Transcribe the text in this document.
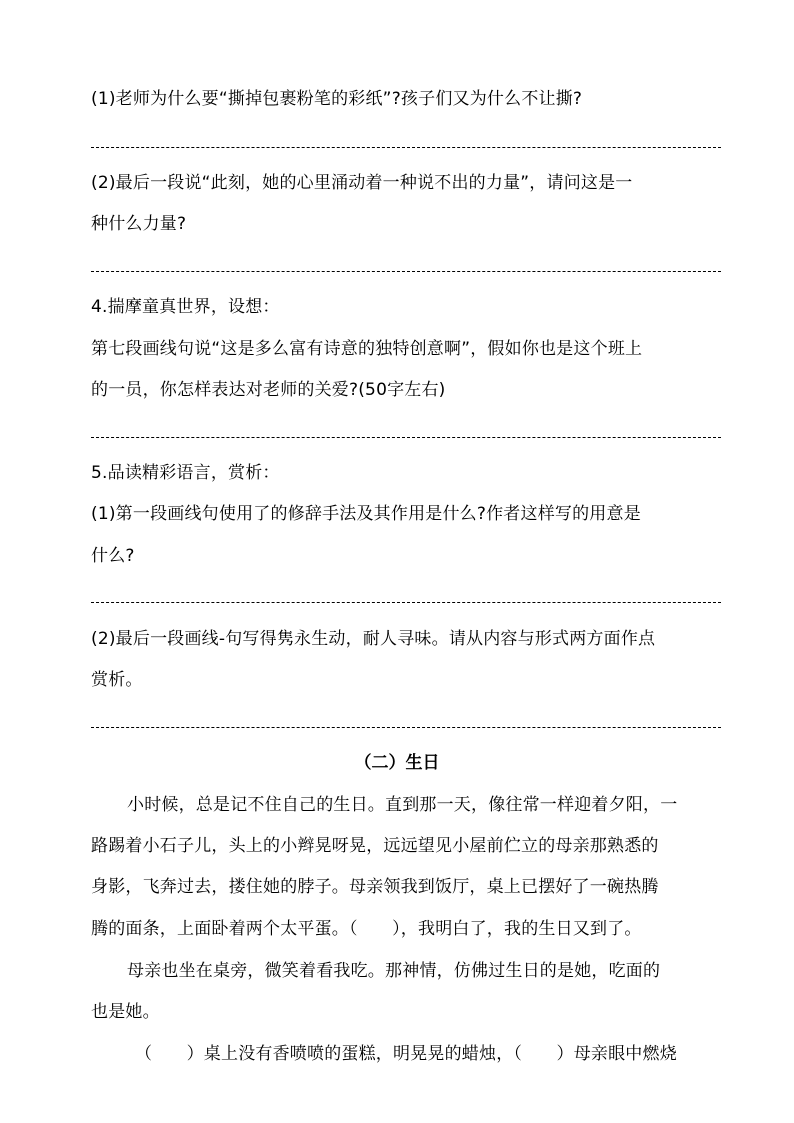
(1)老师为什么要“撕掉包裹粉笔的彩纸”?孩子们又为什么不让撕?
(2)最后一段说“此刻，她的心里涌动着一种说不出的力量”，请问这是一
种什么力量?
4.揣摩童真世界，设想：
第七段画线句说“这是多么富有诗意的独特创意啊”，假如你也是这个班上
的一员，你怎样表达对老师的关爱?(50字左右)
5.品读精彩语言，赏析：
(1)第一段画线句使用了的修辞手法及其作用是什么?作者这样写的用意是
什么?
(2)最后一段画线-句写得隽永生动，耐人寻味。请从内容与形式两方面作点
赏析。
（二）生日
小时候，总是记不住自己的生日。直到那一天，像往常一样迎着夕阳，一
路踢着小石子儿，头上的小辫晃呀晃，远远望见小屋前伫立的母亲那熟悉的
身影，飞奔过去，搂住她的脖子。母亲领我到饭厅，桌上已摆好了一碗热腾
腾的面条，上面卧着两个太平蛋。（　　），我明白了，我的生日又到了。
母亲也坐在桌旁，微笑着看我吃。那神情，仿佛过生日的是她，吃面的
也是她。
（　　）桌上没有香喷喷的蛋糕，明晃晃的蜡烛，（　　）母亲眼中燃烧
